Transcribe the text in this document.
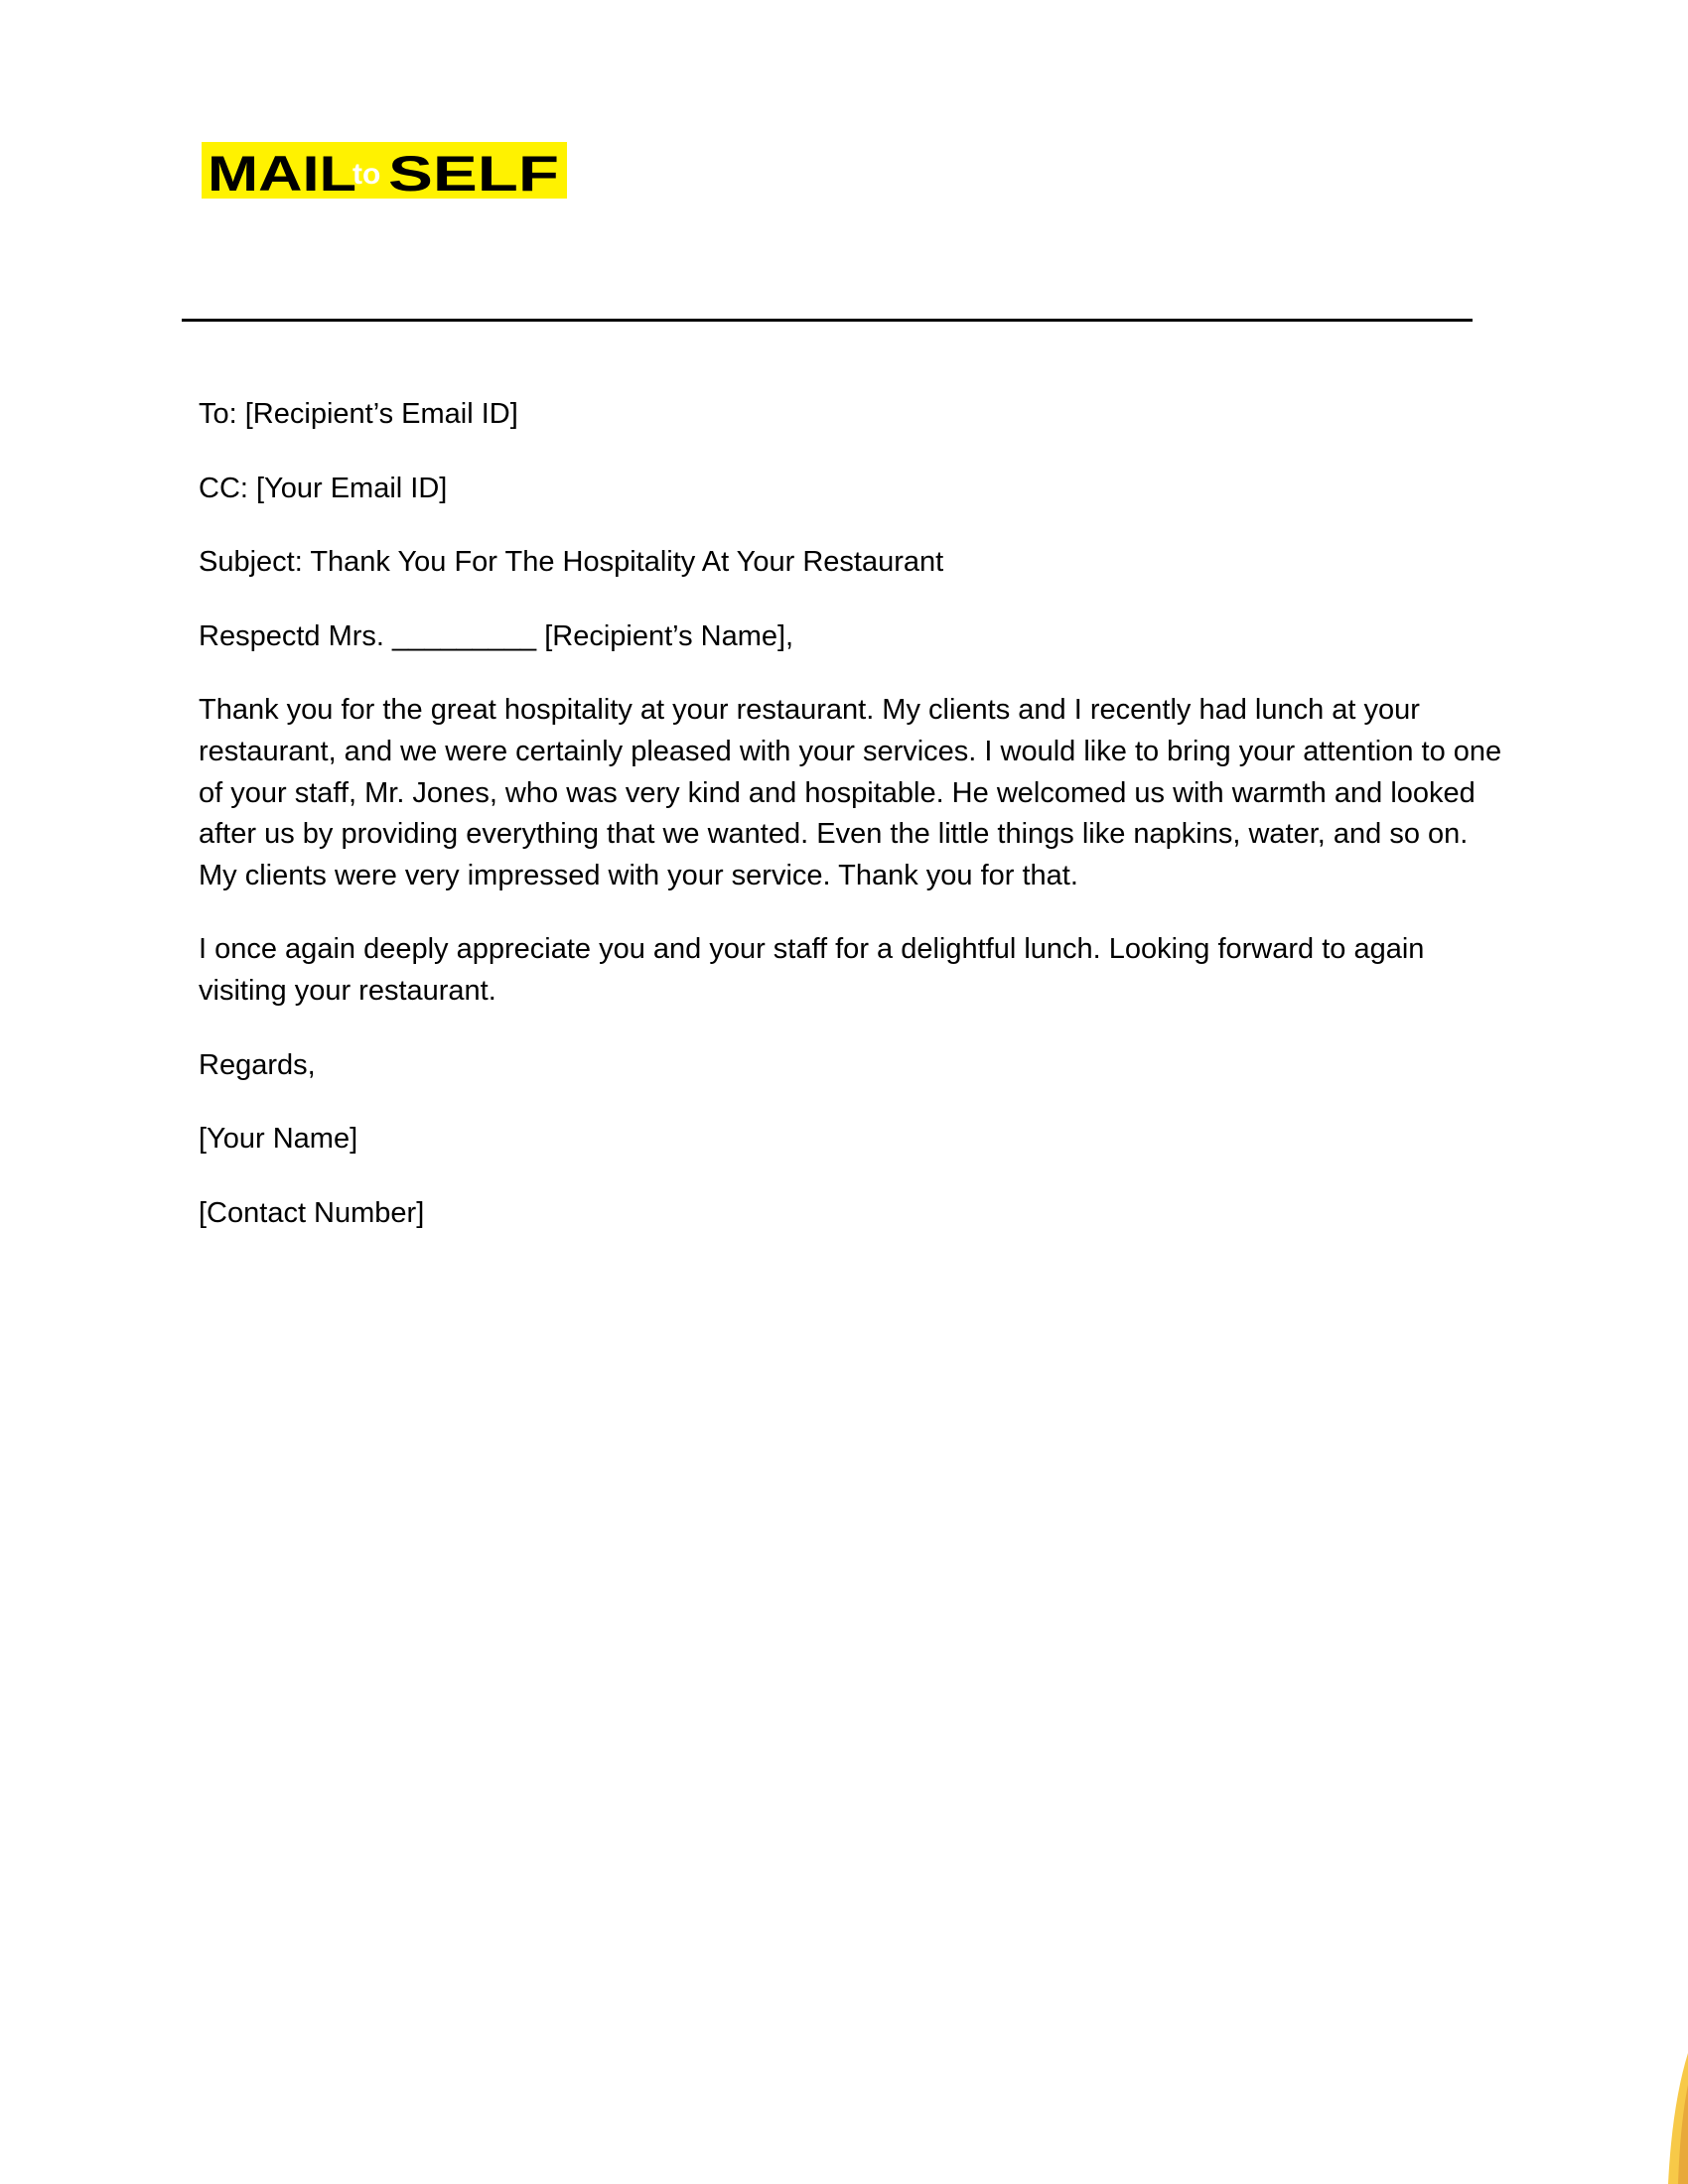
MAIL
to SELF

To: [Recipient’s Email ID]

CC: [Your Email ID]

Subject: Thank You For The Hospitality At Your Restaurant

Respectd Mrs. _________ [Recipient’s Name],

Thank you for the great hospitality at your restaurant. My clients and I recently had lunch at your restaurant, and we were certainly pleased with your services. I would like to bring your attention to one of your staff, Mr. Jones, who was very kind and hospitable. He welcomed us with warmth and looked after us by providing everything that we wanted. Even the little things like napkins, water, and so on. My clients were very impressed with your service. Thank you for that.

I once again deeply appreciate you and your staff for a delightful lunch. Looking forward to again visiting your restaurant.

Regards,

[Your Name]

[Contact Number]
